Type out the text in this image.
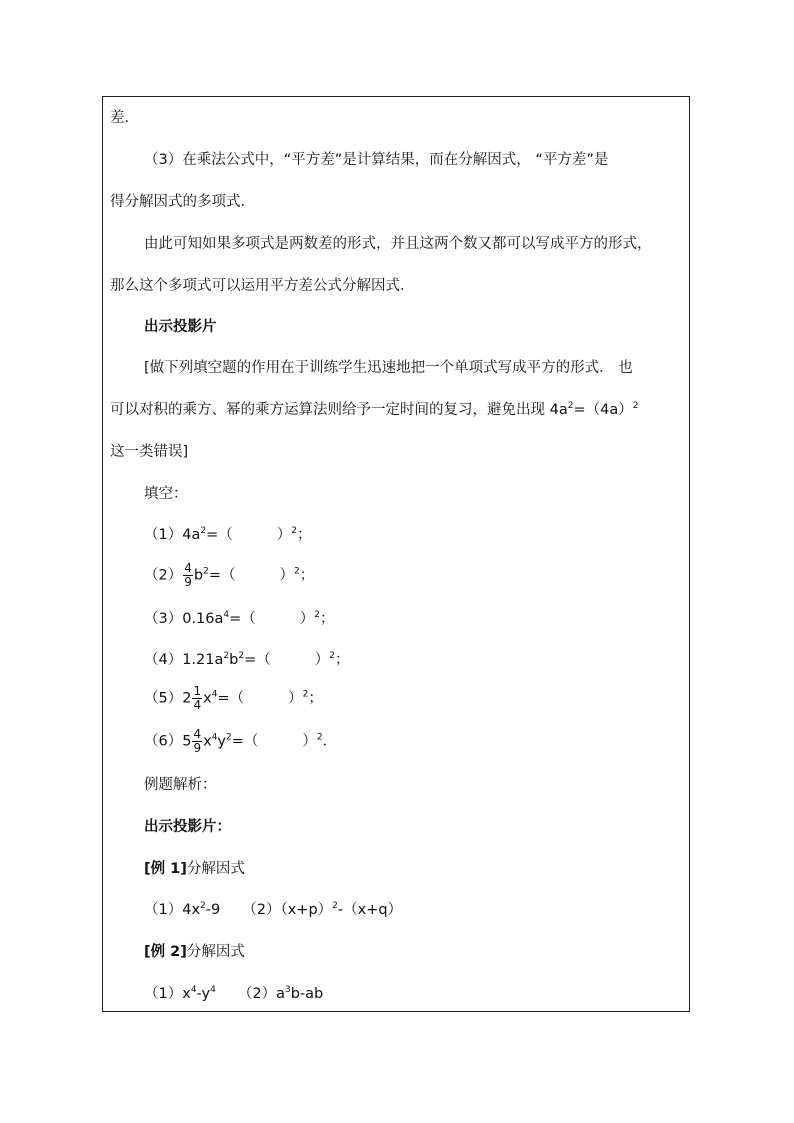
差．
（3）在乘法公式中，“平方差”是计算结果，而在分解因式， “平方差”是
得分解因式的多项式．
由此可知如果多项式是两数差的形式，并且这两个数又都可以写成平方的形式，
那么这个多项式可以运用平方差公式分解因式．
出示投影片
[做下列填空题的作用在于训练学生迅速地把一个单项式写成平方的形式． 也
可以对积的乘方、幂的乘方运算法则给予一定时间的复习，避免出现 $4a^2=(4a)^2$
这一类错误]
填空：
$(1)4a^2=$（	）$^2$；
$(2) \frac{4}{9} b^2=$（	）$^2$；
$(3)0.16a^4=$（	）$^2$；
$(4)1.21a^2b^2=$（	）$^2$；
$(5)2 \frac{1}{4} x^4=$（	）$^2$；
$(6)5 \frac{4}{9} x^4y^2=$（	）$^2$．
例题解析：
出示投影片：
[例 1]分解因式
$(1)4x^2-9$ $(2)(x+p)^2-(x+q)$
[例 2]分解因式
$(1)x^4-y^4$ $(2)a^3b-ab$
